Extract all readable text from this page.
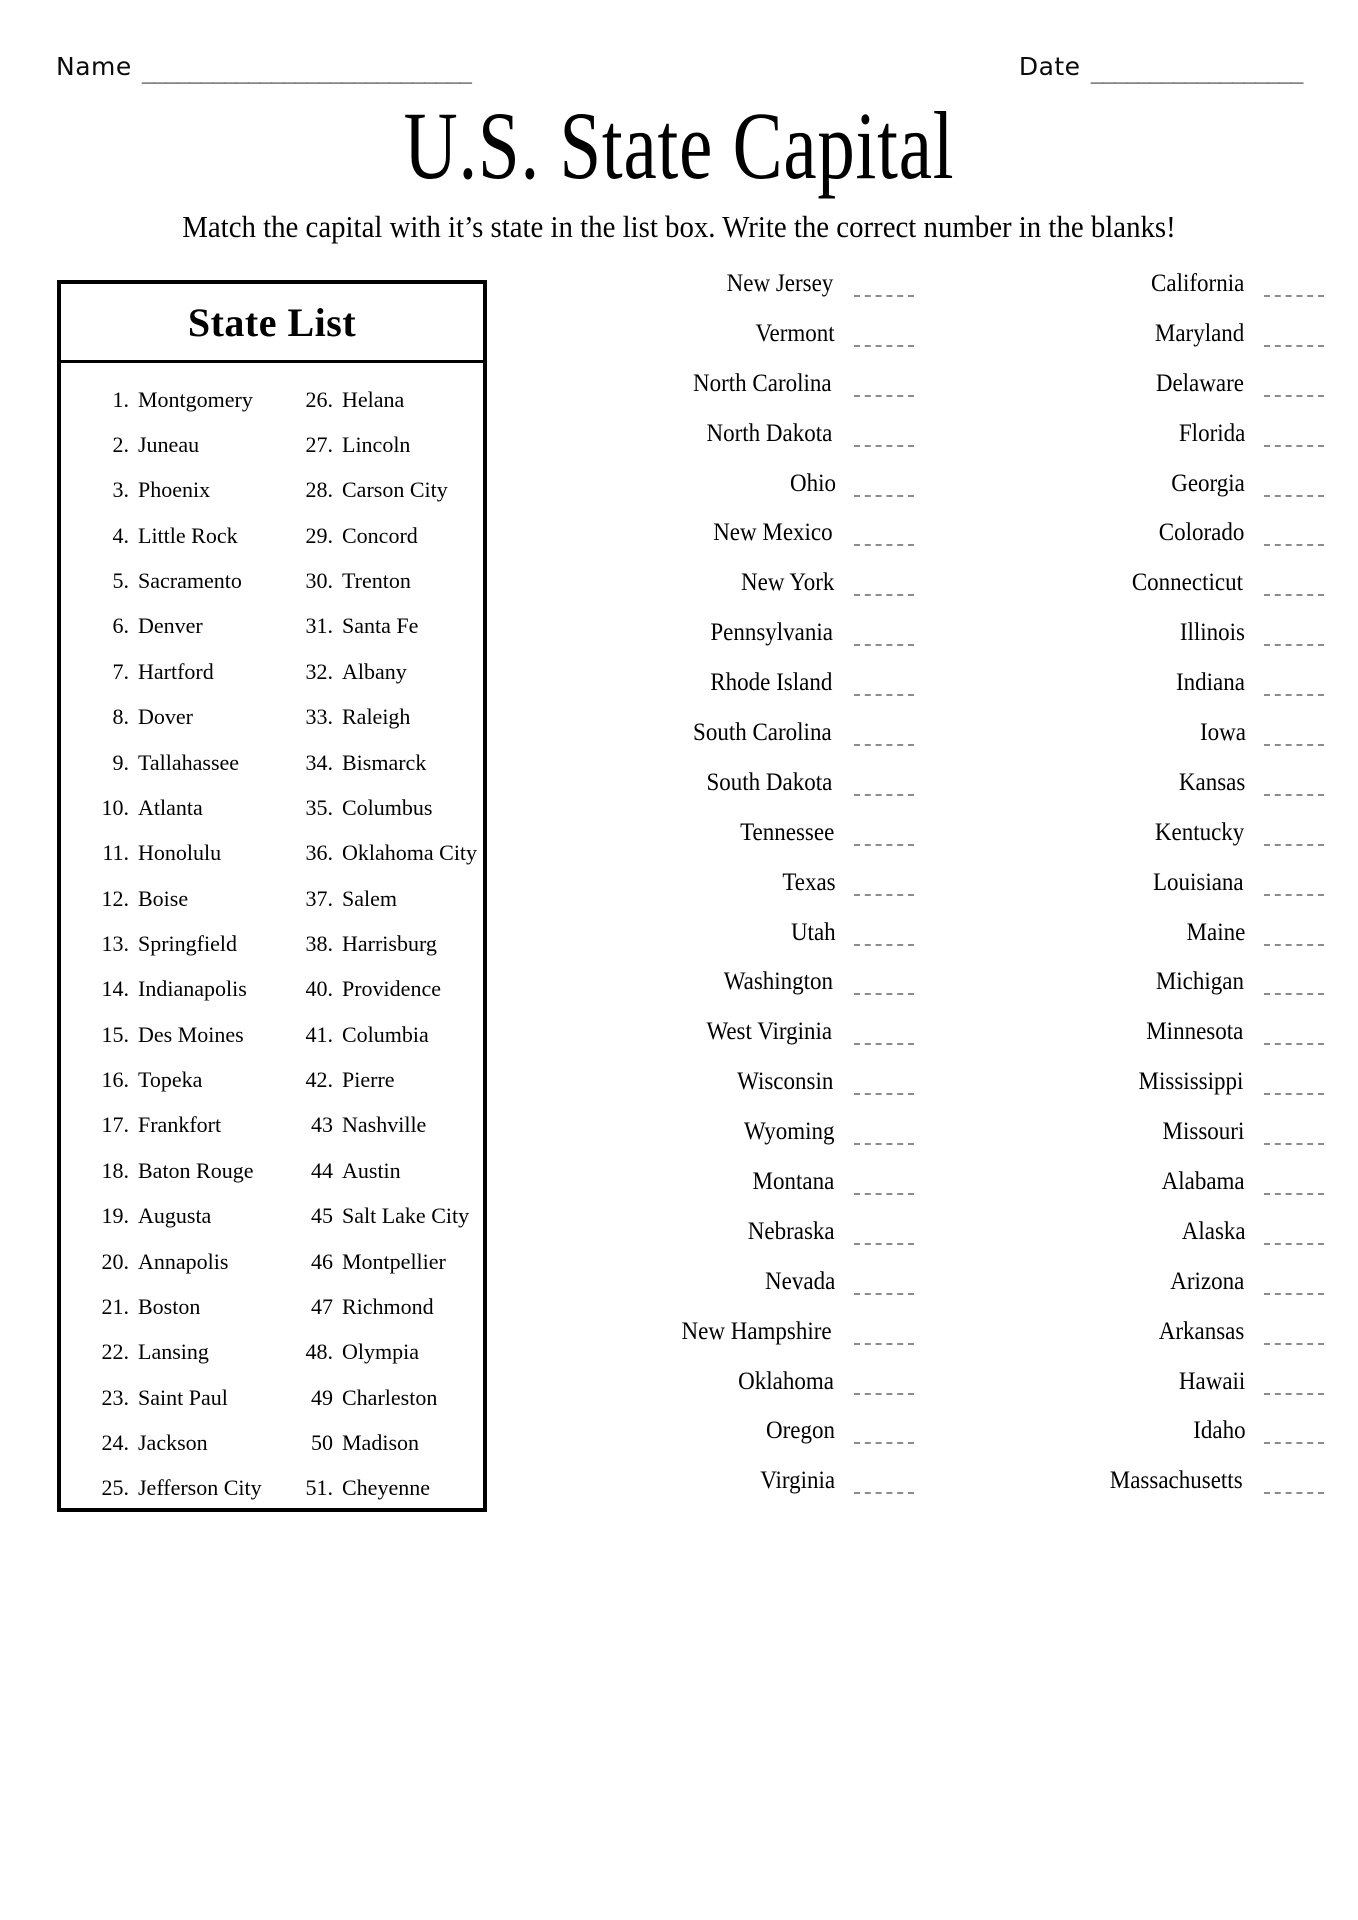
Name ____________________________	Date __________________
U.S. State Capital
Match the capital with it’s state in the list box. Write the correct number in the blanks!
State List
1. Montgomery
2. Juneau
3. Phoenix
4. Little Rock
5. Sacramento
6. Denver
7. Hartford
8. Dover
9. Tallahassee
10. Atlanta
11. Honolulu
12. Boise
13. Springfield
14. Indianapolis
15. Des Moines
16. Topeka
17. Frankfort
18. Baton Rouge
19. Augusta
20. Annapolis
21. Boston
22. Lansing
23. Saint Paul
24. Jackson
25. Jefferson City
26. Helana
27. Lincoln
28. Carson City
29. Concord
30. Trenton
31. Santa Fe
32. Albany
33. Raleigh
34. Bismarck
35. Columbus
36. Oklahoma City
37. Salem
38. Harrisburg
40. Providence
41. Columbia
42. Pierre
43 Nashville
44 Austin
45 Salt Lake City
46 Montpellier
47 Richmond
48. Olympia
49 Charleston
50 Madison
51. Cheyenne
New Jersey
Vermont
North Carolina
North Dakota
Ohio
New Mexico
New York
Pennsylvania
Rhode Island
South Carolina
South Dakota
Tennessee
Texas
Utah
Washington
West Virginia
Wisconsin
Wyoming
Montana
Nebraska
Nevada
New Hampshire
Oklahoma
Oregon
Virginia
California
Maryland
Delaware
Florida
Georgia
Colorado
Connecticut
Illinois
Indiana
Iowa
Kansas
Kentucky
Louisiana
Maine
Michigan
Minnesota
Mississippi
Missouri
Alabama
Alaska
Arizona
Arkansas
Hawaii
Idaho
Massachusetts
